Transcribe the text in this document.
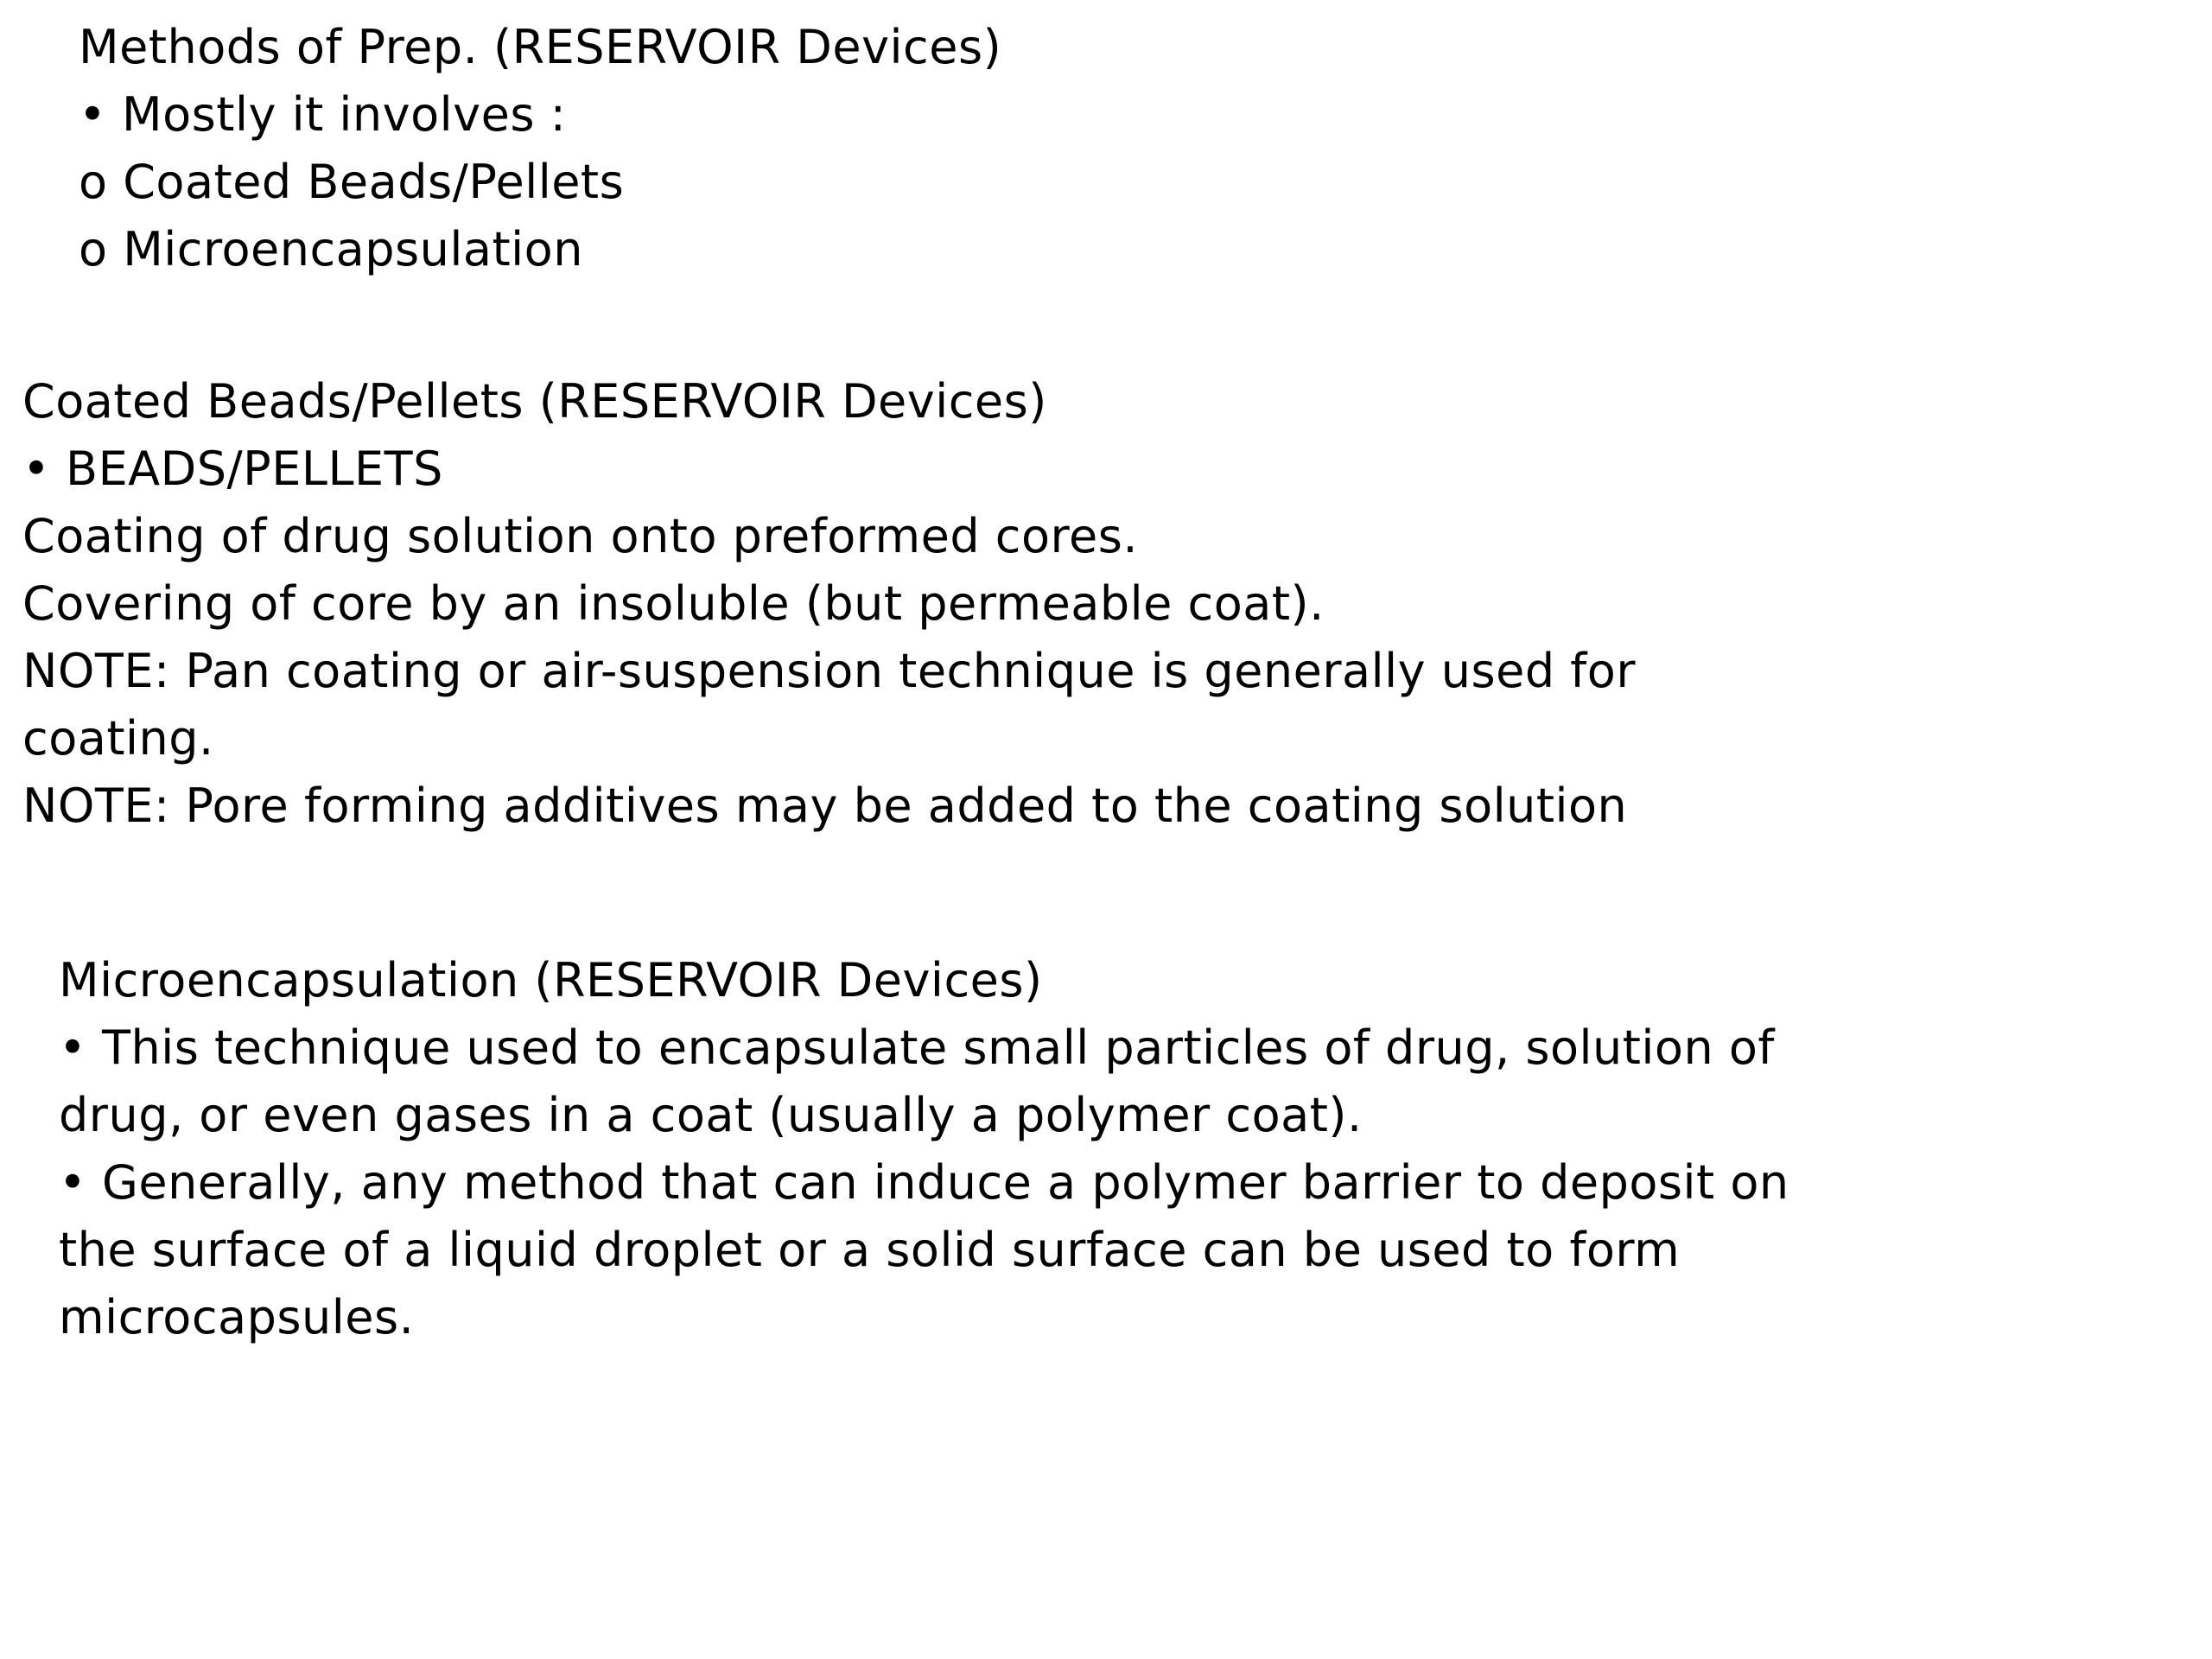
Methods of Prep. (RESERVOIR Devices)
• Mostly it involves :
o Coated Beads/Pellets
o Microencapsulation
Coated Beads/Pellets (RESERVOIR Devices)
• BEADS/PELLETS
Coating of drug solution onto preformed cores.
Covering of core by an insoluble (but permeable coat).
NOTE: Pan coating or air-suspension technique is generally used for
coating.
NOTE: Pore forming additives may be added to the coating solution
Microencapsulation (RESERVOIR Devices)
• This technique used to encapsulate small particles of drug, solution of
drug, or even gases in a coat (usually a polymer coat).
• Generally, any method that can induce a polymer barrier to deposit on
the surface of a liquid droplet or a solid surface can be used to form
microcapsules.
